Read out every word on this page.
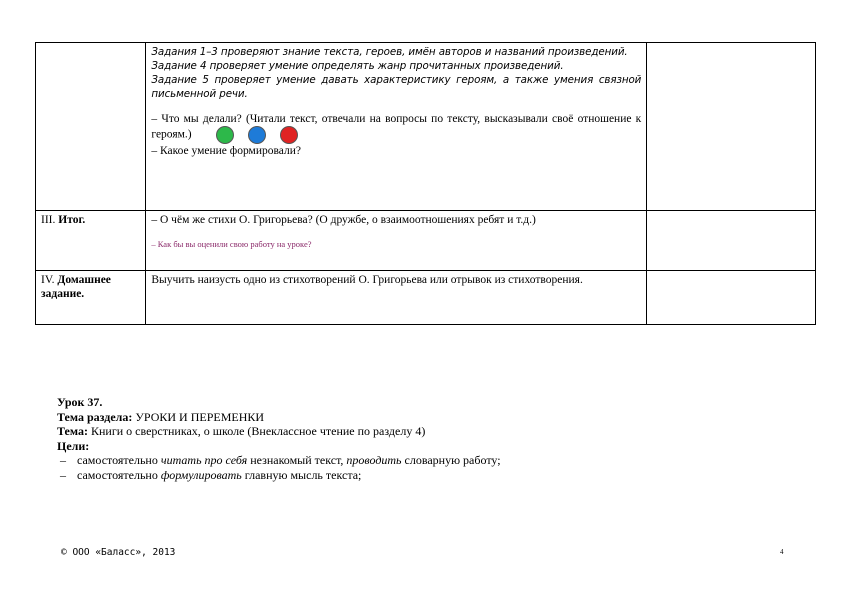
	Задания 1–3 проверяют знание текста, героев, имён авторов и названий произведений.
Задание 4 проверяет умение определять жанр прочитанных произведений.
Задание 5 проверяет умение давать характеристику героям, а также умения связной письменной речи.
– Что мы делали? (Читали текст, отвечали на вопросы по тексту, высказывали своё отношение к героям.)
– Какое умение формировали?	

III. Итог.	– О чём же стихи О. Григорьева? (О дружбе, о взаимоотношениях ребят и т.д.)
– Как бы вы оценили свою работу на уроке?	

IV. Домашнее задание.	Выучить наизусть одно из стихотворений О. Григорьева или отрывок из стихотворения.	

Урок 37.
Тема раздела: УРОКИ И ПЕРЕМЕНКИ
Тема: Книги о сверстниках, о школе (Внеклассное чтение по разделу 4)
Цели:
– самостоятельно читать про себя незнакомый текст, проводить словарную работу;
– самостоятельно формулировать главную мысль текста;
© ООО «Баласс», 2013	4
